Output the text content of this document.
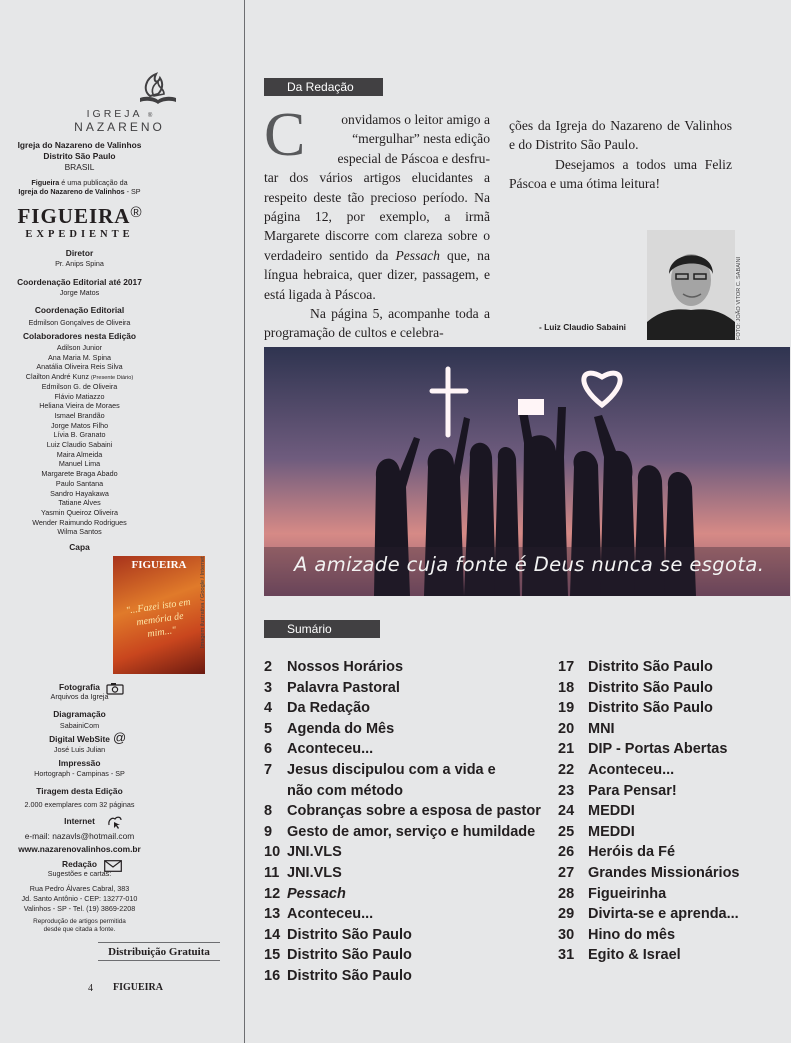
IGREJA ®
NAZARENO
Igreja do Nazareno de Valinhos
Distrito São Paulo
BRASIL
Figueira é uma publicação da
Igreja do Nazareno de Valinhos - SP
FIGUEIRA®
EXPEDIENTE
Diretor
Pr. Anips Spina
Coordenação Editorial até 2017
Jorge Matos
Coordenação Editorial
Edmilson Gonçalves de Oliveira
Colaboradores nesta Edição
Adilson Junior
Ana Maria M. Spina
Anatália Oliveira Reis Silva
Clailton André Kunz (Presente Diário)
Edmilson G. de Oliveira
Flávio Matiazzo
Heliana Vieira de Moraes
Ismael Brandão
Jorge Matos Filho
Lívia B. Granato
Luiz Claudio Sabaini
Maira Almeida
Manuel Lima
Margarete Braga Abado
Paulo Santana
Sandro Hayakawa
Tatiane Alves
Yasmin Queiroz Oliveira
Wender Raimundo Rodrigues
Wilma Santos
Capa
FIGUEIRA
"...Fazei isto em memória de mim..."	Imagem ilustrativa / Google / Internet
Fotografia
Arquivos da Igreja
Diagramação
SabainiCom
@
Digital WebSite
José Luis Julian
Impressão
Hortograph - Campinas - SP
Tiragem desta Edição
2.000 exemplares com 32 páginas
Internet
e-mail: nazavls@hotmail.com
www.nazarenovalinhos.com.br
Redação
Sugestões e cartas:
Rua Pedro Álvares Cabral, 383
Jd. Santo Antônio - CEP: 13277-010
Valinhos - SP - Tel. (19) 3869-2208
Reprodução de artigos permitida
desde que citada a fonte.
Distribuição Gratuita
4 FIGUEIRA
Da Redação
C	onvidamos o leitor amigo a
“mergulhar” nesta edição
especial de Páscoa e desfru-
tar dos vários artigos elucidantes a respeito deste tão precioso período. Na página 12, por exemplo, a irmã Margarete discorre com clareza sobre o verdadeiro sentido da Pessach que, na língua hebraica, quer dizer, passagem, e está ligada à Páscoa.
Na página 5, acompanhe toda a programação de cultos e celebra-
ções da Igreja do Nazareno de Valinhos e do Distrito São Paulo.
Desejamos a todos uma Feliz Páscoa e uma ótima leitura!
- Luiz Claudio Sabaini	FOTO: JOÃO VITOR C. SABAINI
A amizade cuja fonte é Deus nunca se esgota.
Sumário
2 Nossos Horários
3 Palavra Pastoral
4 Da Redação
5 Agenda do Mês
6 Aconteceu...
7 Jesus discipulou com a vida e
não com método
8 Cobranças sobre a esposa de pastor
9 Gesto de amor, serviço e humildade
10 JNI.VLS
11 JNI.VLS
12 Pessach
13 Aconteceu...
14 Distrito São Paulo
15 Distrito São Paulo
16 Distrito São Paulo
17 Distrito São Paulo
18 Distrito São Paulo
19 Distrito São Paulo
20 MNI
21 DIP - Portas Abertas
22 Aconteceu...
23 Para Pensar!
24 MEDDI
25 MEDDI
26 Heróis da Fé
27 Grandes Missionários
28 Figueirinha
29 Divirta-se e aprenda...
30 Hino do mês
31 Egito & Israel
